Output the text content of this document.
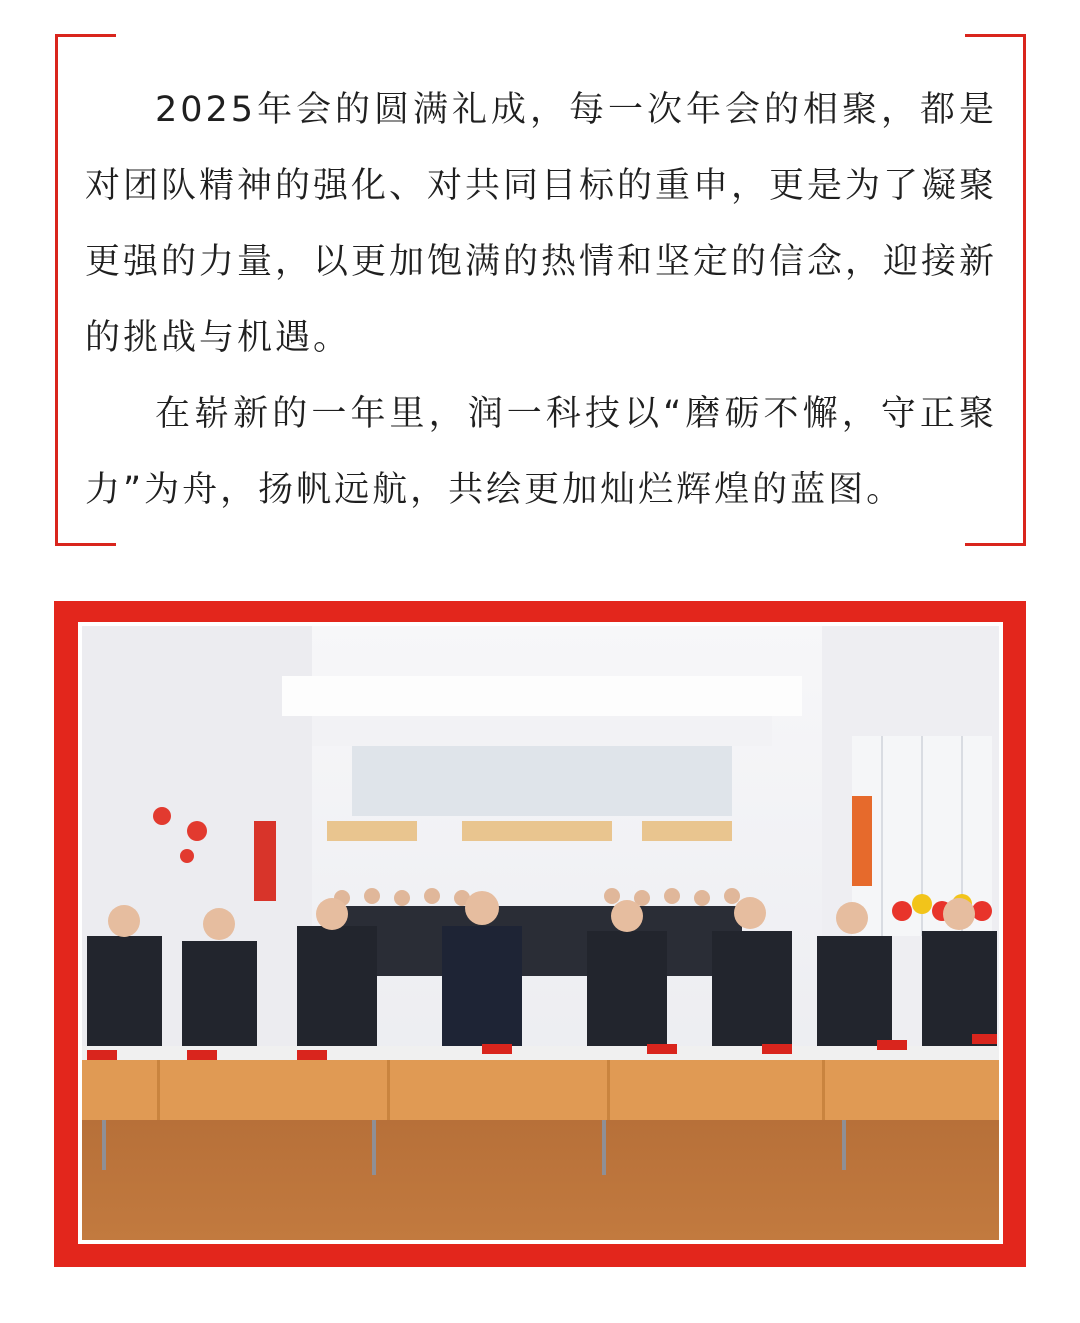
2025年会的圆满礼成，每一次年会的相聚，都是对团队精神的强化、对共同目标的重申，更是为了凝聚更强的力量，以更加饱满的热情和坚定的信念，迎接新的挑战与机遇。

在崭新的一年里，润一科技以“磨砺不懈，守正聚力”为舟，扬帆远航，共绘更加灿烂辉煌的蓝图。
